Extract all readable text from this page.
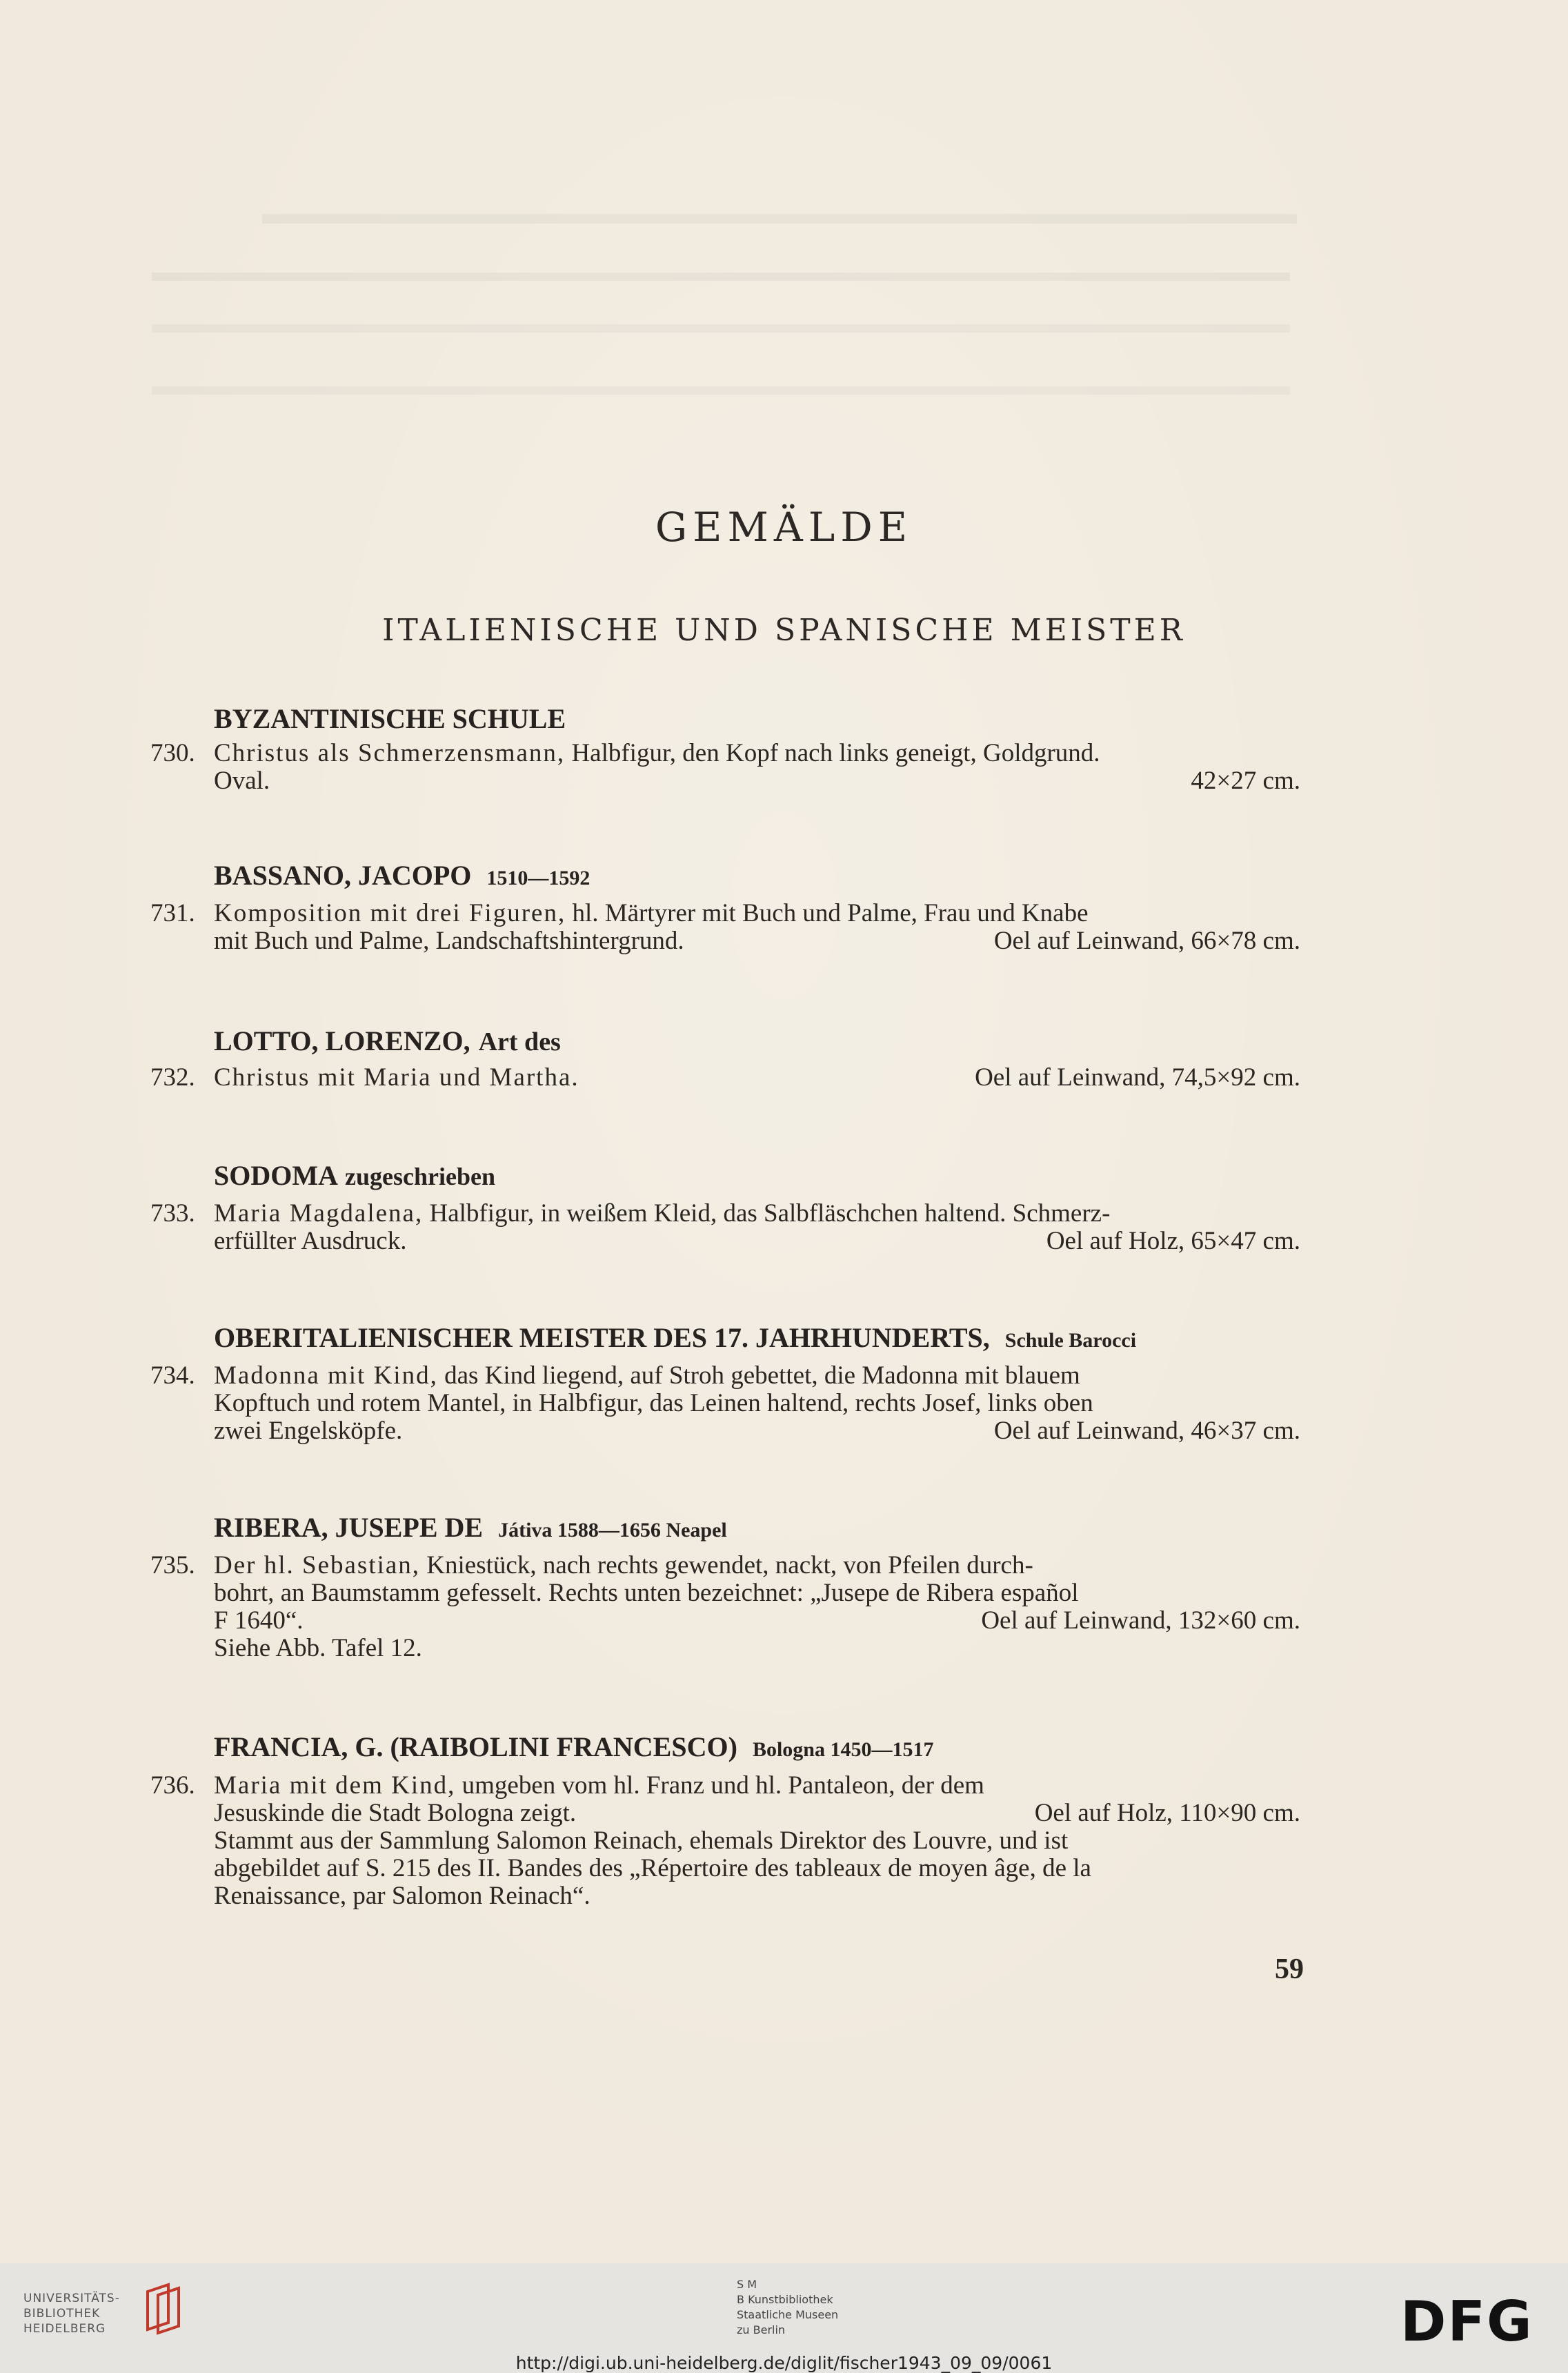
GEMÄLDE
ITALIENISCHE UND SPANISCHE MEISTER
BYZANTINISCHE SCHULE
730. Christus als Schmerzensmann, Halbfigur, den Kopf nach links geneigt, Goldgrund.
Oval.	42×27 cm.
BASSANO, JACOPO 1510—1592
731. Komposition mit drei Figuren, hl. Märtyrer mit Buch und Palme, Frau und Knabe
mit Buch und Palme, Landschaftshintergrund.	Oel auf Leinwand, 66×78 cm.
LOTTO, LORENZO, Art des
732. Christus mit Maria und Martha.	Oel auf Leinwand, 74,5×92 cm.
SODOMA zugeschrieben
733. Maria Magdalena, Halbfigur, in weißem Kleid, das Salbfläschchen haltend. Schmerz-
erfüllter Ausdruck.	Oel auf Holz, 65×47 cm.
OBERITALIENISCHER MEISTER DES 17. JAHRHUNDERTS, Schule Barocci
734. Madonna mit Kind, das Kind liegend, auf Stroh gebettet, die Madonna mit blauem
Kopftuch und rotem Mantel, in Halbfigur, das Leinen haltend, rechts Josef, links oben
zwei Engelsköpfe.	Oel auf Leinwand, 46×37 cm.
RIBERA, JUSEPE DE Játiva 1588—1656 Neapel
735. Der hl. Sebastian, Kniestück, nach rechts gewendet, nackt, von Pfeilen durch-
bohrt, an Baumstamm gefesselt. Rechts unten bezeichnet: „Jusepe de Ribera español
F 1640“.	Oel auf Leinwand, 132×60 cm.
Siehe Abb. Tafel 12.
FRANCIA, G. (RAIBOLINI FRANCESCO) Bologna 1450—1517
736. Maria mit dem Kind, umgeben vom hl. Franz und hl. Pantaleon, der dem
Jesuskinde die Stadt Bologna zeigt.	Oel auf Holz, 110×90 cm.
Stammt aus der Sammlung Salomon Reinach, ehemals Direktor des Louvre, und ist
abgebildet auf S. 215 des II. Bandes des „Répertoire des tableaux de moyen âge, de la
Renaissance, par Salomon Reinach“.
59
UNIVERSITÄTS-
BIBLIOTHEK
HEIDELBERG
S M
B Kunstbibliothek
Staatliche Museen
zu Berlin	DFG
http://digi.ub.uni-heidelberg.de/diglit/fischer1943_09_09/0061
